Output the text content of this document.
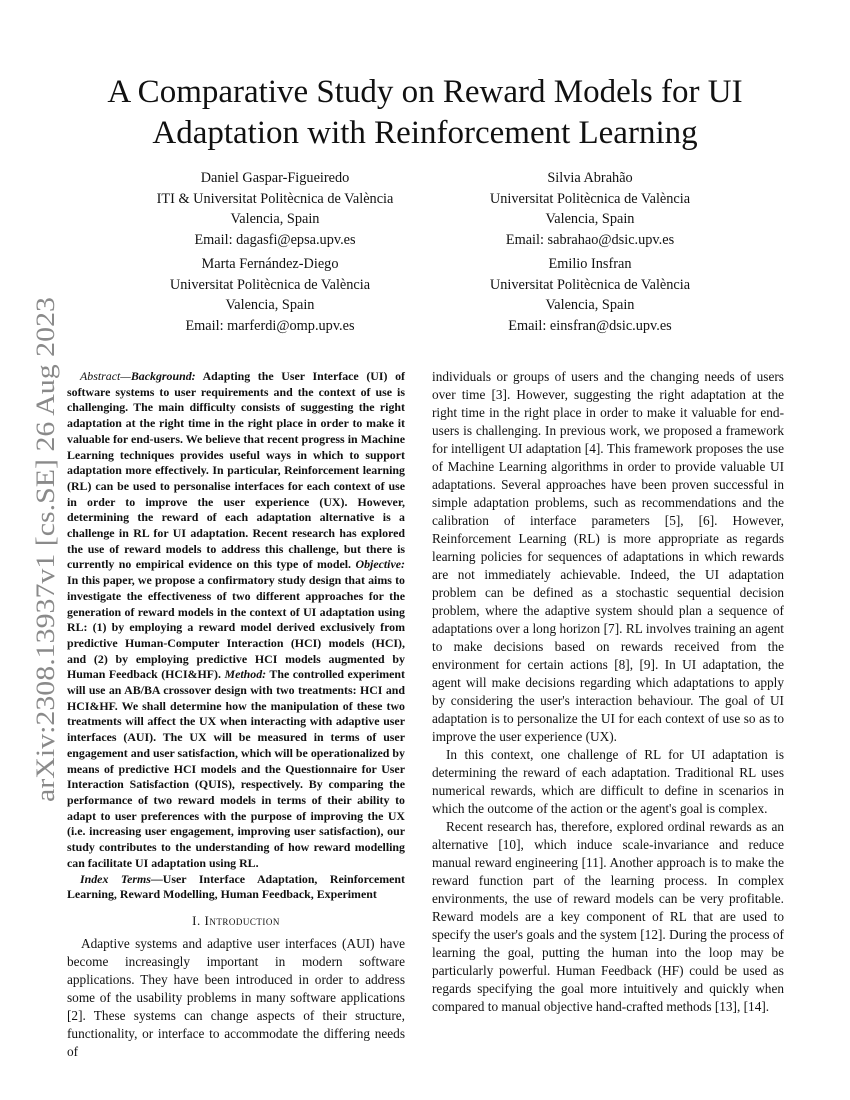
arXiv:2308.13937v1 [cs.SE] 26 Aug 2023
A Comparative Study on Reward Models for UI
Adaptation with Reinforcement Learning
Daniel Gaspar-Figueiredo
ITI & Universitat Politècnica de València
Valencia, Spain
Email: dagasfi@epsa.upv.es
Silvia Abrahão
Universitat Politècnica de València
Valencia, Spain
Email: sabrahao@dsic.upv.es
Marta Fernández-Diego
Universitat Politècnica de València
Valencia, Spain
Email: marferdi@omp.upv.es
Emilio Insfran
Universitat Politècnica de València
Valencia, Spain
Email: einsfran@dsic.upv.es

Abstract—Background: Adapting the User Interface (UI) of software systems to user requirements and the context of use is challenging. The main difficulty consists of suggesting the right adaptation at the right time in the right place in order to make it valuable for end-users. We believe that recent progress in Machine Learning techniques provides useful ways in which to support adaptation more effectively. In particular, Reinforcement learning (RL) can be used to personalise interfaces for each context of use in order to improve the user experience (UX). However, determining the reward of each adaptation alternative is a challenge in RL for UI adaptation. Recent research has explored the use of reward models to address this challenge, but there is currently no empirical evidence on this type of model. Objective: In this paper, we propose a confirmatory study design that aims to investigate the effectiveness of two different approaches for the generation of reward models in the context of UI adaptation using RL: (1) by employing a reward model derived exclusively from predictive Human-Computer Interaction (HCI) models (HCI), and (2) by employing predictive HCI models augmented by Human Feedback (HCI&HF). Method: The controlled experiment will use an AB/BA crossover design with two treatments: HCI and HCI&HF. We shall determine how the manipulation of these two treatments will affect the UX when interacting with adaptive user interfaces (AUI). The UX will be measured in terms of user engagement and user satisfaction, which will be operationalized by means of predictive HCI models and the Questionnaire for User Interaction Satisfaction (QUIS), respectively. By comparing the performance of two reward models in terms of their ability to adapt to user preferences with the purpose of improving the UX (i.e. increasing user engagement, improving user satisfaction), our study contributes to the understanding of how reward modelling can facilitate UI adaptation using RL.

Index Terms—User Interface Adaptation, Reinforcement Learning, Reward Modelling, Human Feedback, Experiment

I. Introduction

Adaptive systems and adaptive user interfaces (AUI) have become increasingly important in modern software applications. They have been introduced in order to address some of the usability problems in many software applications [2]. These systems can change aspects of their structure, functionality, or interface to accommodate the differing needs of

individuals or groups of users and the changing needs of users over time [3]. However, suggesting the right adaptation at the right time in the right place in order to make it valuable for end-users is challenging. In previous work, we proposed a framework for intelligent UI adaptation [4]. This framework proposes the use of Machine Learning algorithms in order to provide valuable UI adaptations. Several approaches have been proven successful in simple adaptation problems, such as recommendations and the calibration of interface parameters [5], [6]. However, Reinforcement Learning (RL) is more appropriate as regards learning policies for sequences of adaptations in which rewards are not immediately achievable. Indeed, the UI adaptation problem can be defined as a stochastic sequential decision problem, where the adaptive system should plan a sequence of adaptations over a long horizon [7]. RL involves training an agent to make decisions based on rewards received from the environment for certain actions [8], [9]. In UI adaptation, the agent will make decisions regarding which adaptations to apply by considering the user's interaction behaviour. The goal of UI adaptation is to personalize the UI for each context of use so as to improve the user experience (UX).

In this context, one challenge of RL for UI adaptation is determining the reward of each adaptation. Traditional RL uses numerical rewards, which are difficult to define in scenarios in which the outcome of the action or the agent's goal is complex.

Recent research has, therefore, explored ordinal rewards as an alternative [10], which induce scale-invariance and reduce manual reward engineering [11]. Another approach is to make the reward function part of the learning process. In complex environments, the use of reward models can be very profitable. Reward models are a key component of RL that are used to specify the user's goals and the system [12]. During the process of learning the goal, putting the human into the loop may be particularly powerful. Human Feedback (HF) could be used as regards specifying the goal more intuitively and quickly when compared to manual objective hand-crafted methods [13], [14].
